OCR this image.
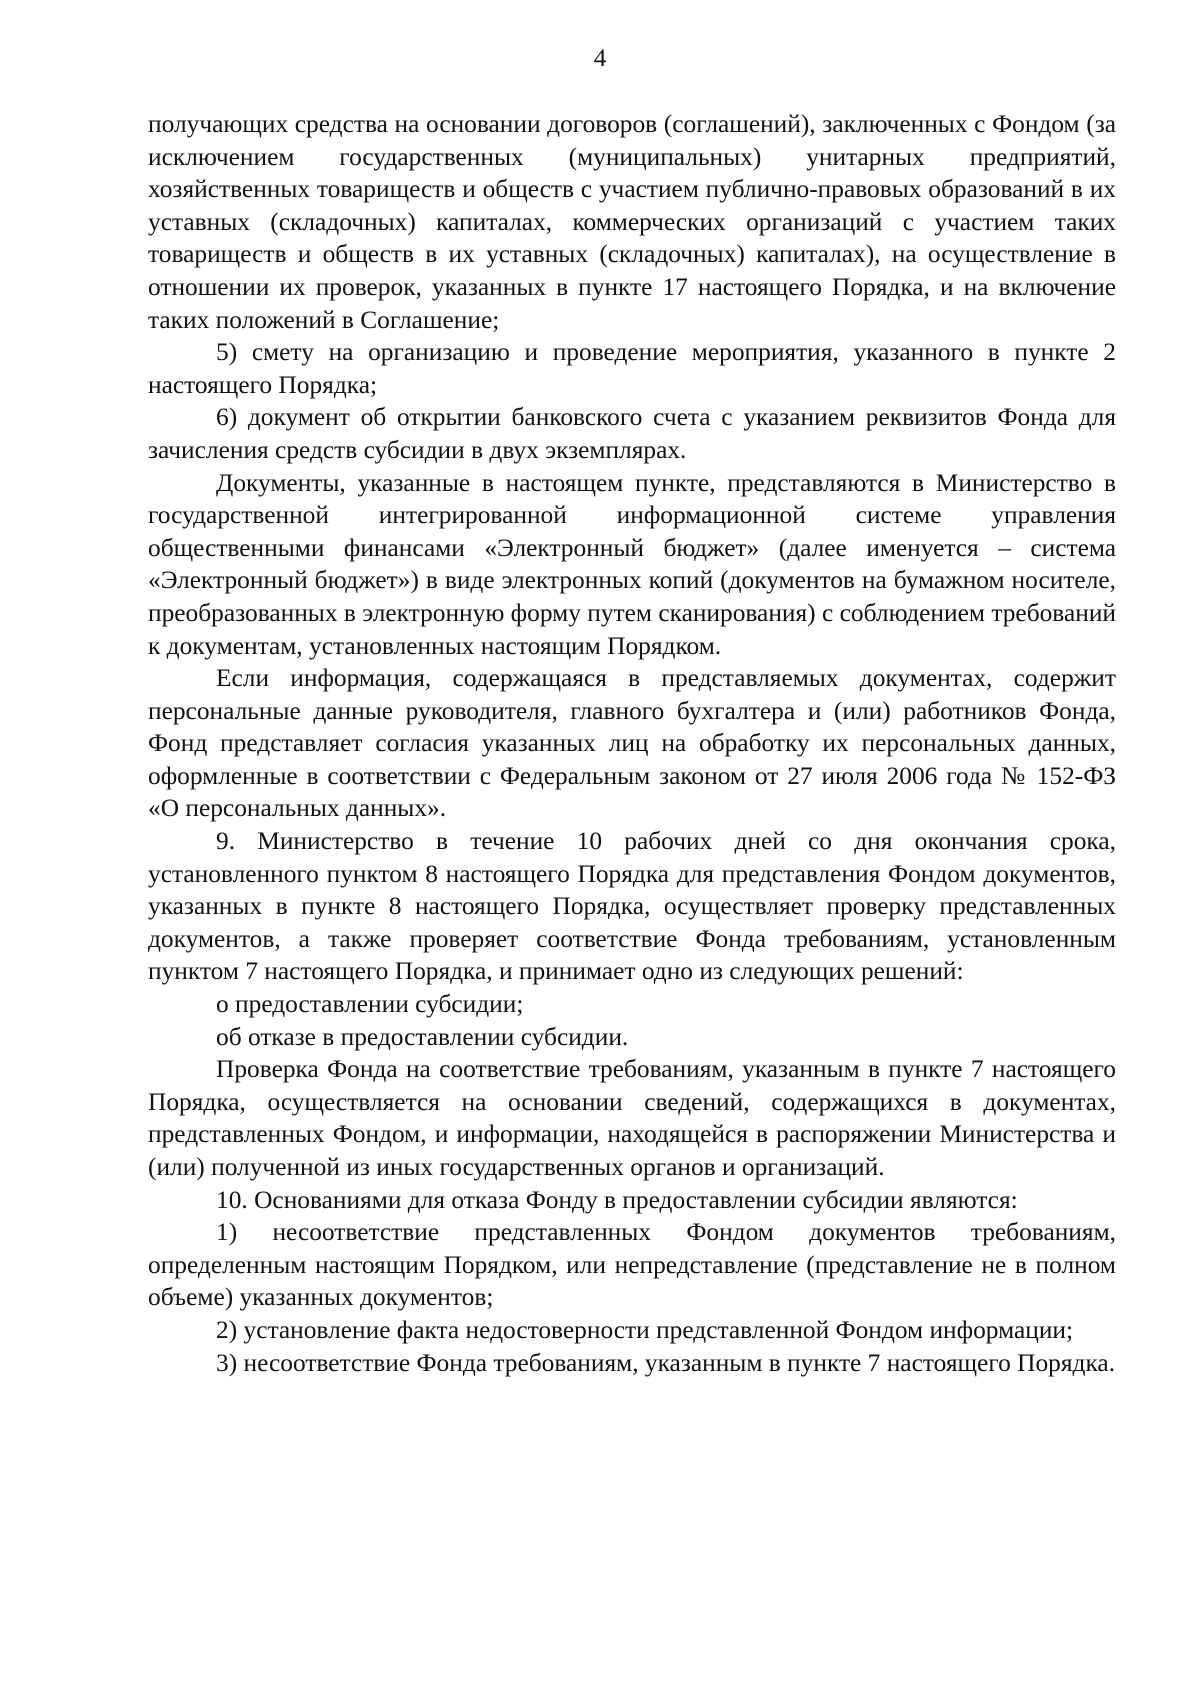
4

получающих средства на основании договоров (соглашений), заключенных с Фондом (за исключением государственных (муниципальных) унитарных предприятий, хозяйственных товариществ и обществ с участием публично-правовых образований в их уставных (складочных) капиталах, коммерческих организаций с участием таких товариществ и обществ в их уставных (складочных) капиталах), на осуществление в отношении их проверок, указанных в пункте 17 настоящего Порядка, и на включение таких положений в Соглашение;

5) смету на организацию и проведение мероприятия, указанного в пункте 2 настоящего Порядка;

6) документ об открытии банковского счета с указанием реквизитов Фонда для зачисления средств субсидии в двух экземплярах.

Документы, указанные в настоящем пункте, представляются в Министерство в государственной интегрированной информационной системе управления общественными финансами «Электронный бюджет» (далее именуется – система «Электронный бюджет») в виде электронных копий (документов на бумажном носителе, преобразованных в электронную форму путем сканирования) с соблюдением требований к документам, установленных настоящим Порядком.

Если информация, содержащаяся в представляемых документах, содержит персональные данные руководителя, главного бухгалтера и (или) работников Фонда, Фонд представляет согласия указанных лиц на обработку их персональных данных, оформленные в соответствии с Федеральным законом от 27 июля 2006 года № 152-ФЗ «О персональных данных».

9. Министерство в течение 10 рабочих дней со дня окончания срока, установленного пунктом 8 настоящего Порядка для представления Фондом документов, указанных в пункте 8 настоящего Порядка, осуществляет проверку представленных документов, а также проверяет соответствие Фонда требованиям, установленным пунктом 7 настоящего Порядка, и принимает одно из следующих решений:

о предоставлении субсидии;

об отказе в предоставлении субсидии.

Проверка Фонда на соответствие требованиям, указанным в пункте 7 настоящего Порядка, осуществляется на основании сведений, содержащихся в документах, представленных Фондом, и информации, находящейся в распоряжении Министерства и (или) полученной из иных государственных органов и организаций.

10. Основаниями для отказа Фонду в предоставлении субсидии являются:

1) несоответствие представленных Фондом документов требованиям, определенным настоящим Порядком, или непредставление (представление не в полном объеме) указанных документов;

2) установление факта недостоверности представленной Фондом информации;

3) несоответствие Фонда требованиям, указанным в пункте 7 настоящего Порядка.
